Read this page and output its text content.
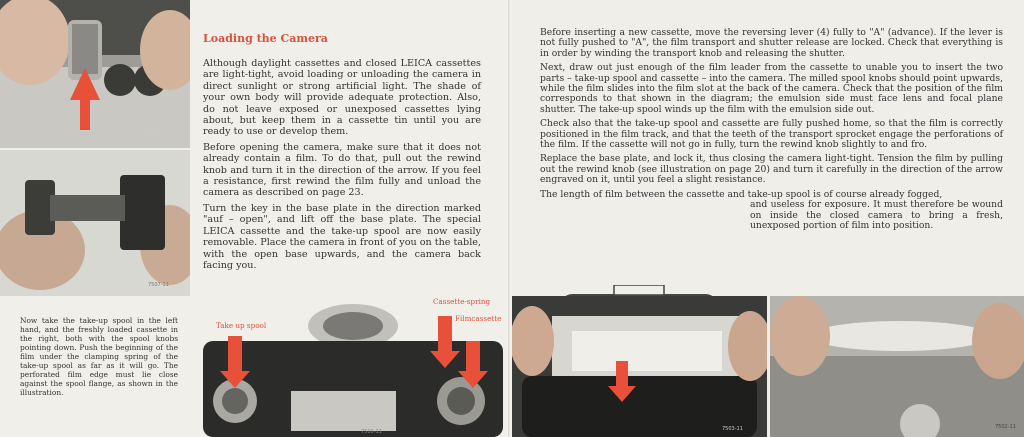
7027-11
7507-11
Loading the Camera

Although daylight cassettes and closed LEICA cassettes are light-tight, avoid loading or unloading the camera in direct sunlight or strong artificial light. The shade of your own body will provide adequate protection. Also, do not leave exposed or unexposed cassettes lying about, but keep them in a cassette tin until you are ready to use or develop them.

Before opening the camera, make sure that it does not already contain a film. To do that, pull out the rewind knob and turn it in the direction of the arrow. If you feel a resistance, first rewind the film fully and unload the camera as described on page 23.

Turn the key in the base plate in the direction marked "auf – open", and lift off the base plate. The special LEICA cassette and the take-up spool are now easily removable. Place the camera in front of you on the table, with the open base upwards, and the camera back facing you.

Now take the take-up spool in the left hand, and the freshly loaded cassette in the right, both with the spool knobs pointing down. Push the beginning of the film under the clamping spring of the take-up spool as far as it will go. The perforated film edge must lie close against the spool flange, as shown in the illustration.
Take up spool
Cassette-spring
Filmcassette
7510-11

Before inserting a new cassette, move the reversing lever (4) fully to "A" (advance). If the lever is not fully pushed to "A", the film transport and shutter release are locked. Check that everything is in order by winding the transport knob and releasing the shutter.

Next, draw out just enough of the film leader from the cassette to unable you to insert the two parts – take-up spool and cassette – into the camera. The milled spool knobs should point upwards, while the film slides into the film slot at the back of the camera. Check that the position of the film corresponds to that shown in the diagram; the emulsion side must face lens and focal plane shutter. The take-up spool winds up the film with the emulsion side out.

Check also that the take-up spool and cassette are fully pushed home, so that the film is correctly positioned in the film track, and that the teeth of the transport sprocket engage the perforations of the film. If the cassette will not go in fully, turn the rewind knob slightly to and fro.

Replace the base plate, and lock it, thus closing the camera light-tight. Tension the film by pulling out the rewind knob (see illustration on page 20) and turn it carefully in the direction of the arrow engraved on it, until you feel a slight resistance.

The length of film between the cassette and take-up spool is of course already fogged,

and useless for exposure. It must therefore be wound on inside the closed camera to bring a fresh, unexposed portion of film into position.

7503-11	7502-11
